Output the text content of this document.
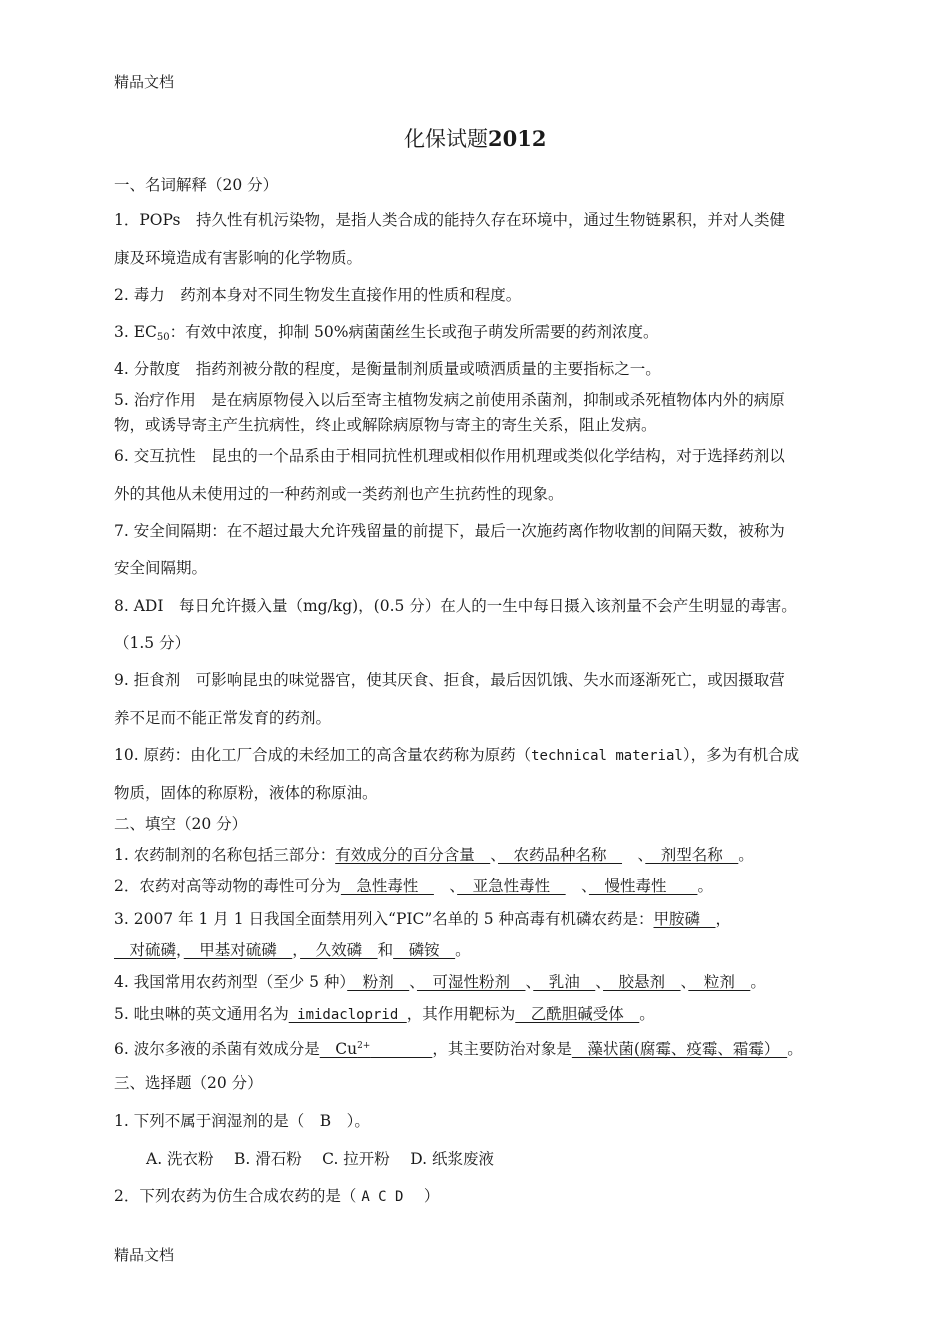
精品文档
化保试题2012
一、名词解释（20 分）
1．POPs　持久性有机污染物，是指人类合成的能持久存在环境中，通过生物链累积，并对人类健
康及环境造成有害影响的化学物质。
2. 毒力　药剂本身对不同生物发生直接作用的性质和程度。
3. $EC_{50}$：有效中浓度，抑制 50%病菌菌丝生长或孢子萌发所需要的药剂浓度。
4. 分散度　指药剂被分散的程度，是衡量制剂质量或喷洒质量的主要指标之一。
5. 治疗作用　是在病原物侵入以后至寄主植物发病之前使用杀菌剂，抑制或杀死植物体内外的病原
物，或诱导寄主产生抗病性，终止或解除病原物与寄主的寄生关系，阻止发病。
6. 交互抗性　昆虫的一个品系由于相同抗性机理或相似作用机理或类似化学结构，对于选择药剂以
外的其他从未使用过的一种药剂或一类药剂也产生抗药性的现象。
7. 安全间隔期：在不超过最大允许残留量的前提下，最后一次施药离作物收割的间隔天数，被称为
安全间隔期。
8. ADI　每日允许摄入量（mg/kg)，(0.5 分）在人的一生中每日摄入该剂量不会产生明显的毒害。
（1.5 分）
9. 拒食剂　可影响昆虫的味觉器官，使其厌食、拒食，最后因饥饿、失水而逐渐死亡，或因摄取营
养不足而不能正常发育的药剂。
10. 原药：由化工厂合成的未经加工的高含量农药称为原药（technical material），多为有机合成
物质，固体的称原粉，液体的称原油。
二、填空（20 分）
1. 农药制剂的名称包括三部分：有效成分的百分含量　、　农药品种名称　　、　剂型名称　。
2．农药对高等动物的毒性可分为　急性毒性　　、　亚急性毒性　　、　慢性毒性　　。
3. 2007 年 1 月 1 日我国全面禁用列入“PIC”名单的 5 种高毒有机磷农药是：甲胺磷　，
　对硫磷，　甲基对硫磷　，　久效磷　和　磷铵　。
4. 我国常用农药剂型（至少 5 种）　粉剂　、　可湿性粉剂　、　乳油　、　胶悬剂　、　粒剂　。
5. 吡虫啉的英文通用名为 imidacloprid ，其作用靶标为　乙酰胆碱受体　。
6. 波尔多液的杀菌有效成分是　$Cu^{2+}$　　　　	，其主要防治对象是　藻状菌(腐霉、疫霉、霜霉）　。
三、选择题（20 分）
1. 下列不属于润湿剂的是（　 B　 ）。
A. 洗衣粉　 B. 滑石粉　 C. 拉开粉　 D. 纸浆废液
2．下列农药为仿生合成农药的是（ A C D　 ）
精品文档
